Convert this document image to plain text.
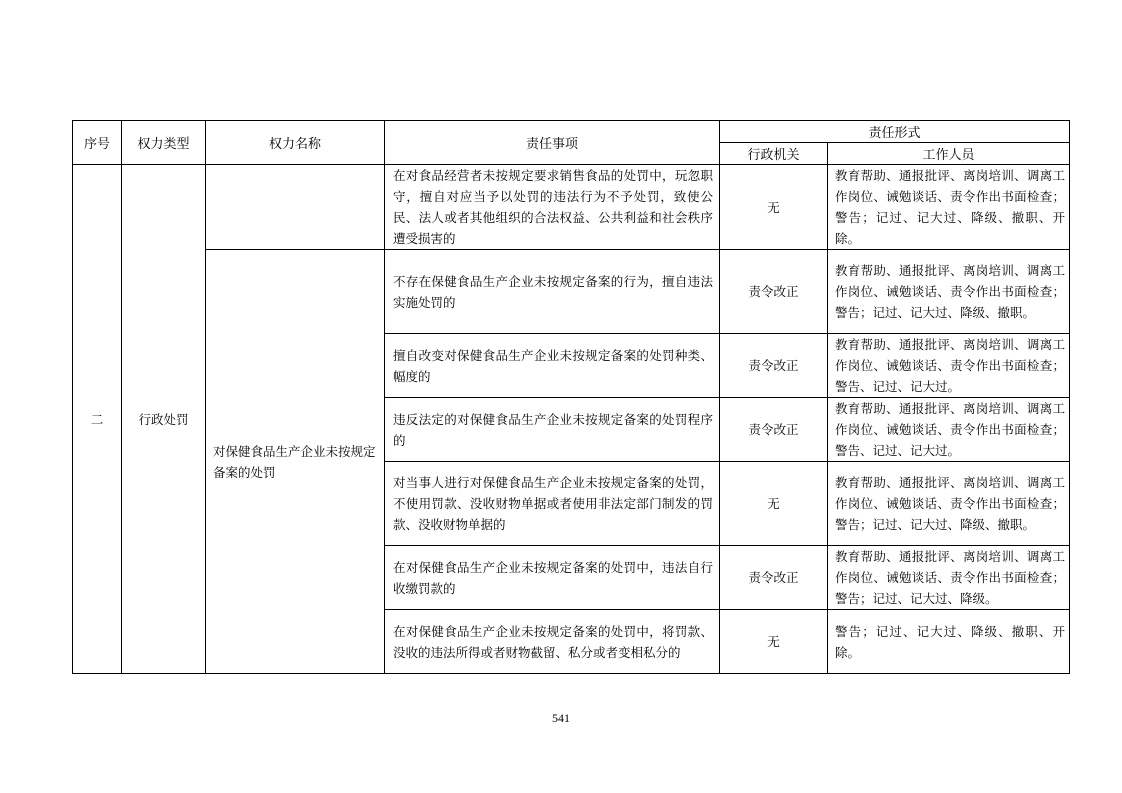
序号	权力类型	权力名称	责任事项	责任形式	
				行政机关	工作人员
二	行政处罚		在对食品经营者未按规定要求销售食品的处罚中，玩忽职守，擅自对应当予以处罚的违法行为不予处罚，致使公民、法人或者其他组织的合法权益、公共利益和社会秩序遭受损害的	无	教育帮助、通报批评、离岗培训、调离工作岗位、诫勉谈话、责令作出书面检查；警告；记过、记大过、降级、撤职、开除。
		对保健食品生产企业未按规定备案的处罚	不存在保健食品生产企业未按规定备案的行为，擅自违法实施处罚的	责令改正	教育帮助、通报批评、离岗培训、调离工作岗位、诫勉谈话、责令作出书面检查；警告；记过、记大过、降级、撤职。
			擅自改变对保健食品生产企业未按规定备案的处罚种类、幅度的	责令改正	教育帮助、通报批评、离岗培训、调离工作岗位、诫勉谈话、责令作出书面检查；警告、记过、记大过。
			违反法定的对保健食品生产企业未按规定备案的处罚程序的	责令改正	教育帮助、通报批评、离岗培训、调离工作岗位、诫勉谈话、责令作出书面检查；警告、记过、记大过。
			对当事人进行对保健食品生产企业未按规定备案的处罚，不使用罚款、没收财物单据或者使用非法定部门制发的罚款、没收财物单据的	无	教育帮助、通报批评、离岗培训、调离工作岗位、诫勉谈话、责令作出书面检查；警告；记过、记大过、降级、撤职。
			在对保健食品生产企业未按规定备案的处罚中，违法自行收缴罚款的	责令改正	教育帮助、通报批评、离岗培训、调离工作岗位、诫勉谈话、责令作出书面检查；警告；记过、记大过、降级。
			在对保健食品生产企业未按规定备案的处罚中，将罚款、没收的违法所得或者财物截留、私分或者变相私分的	无	警告；记过、记大过、降级、撤职、开除。
541
